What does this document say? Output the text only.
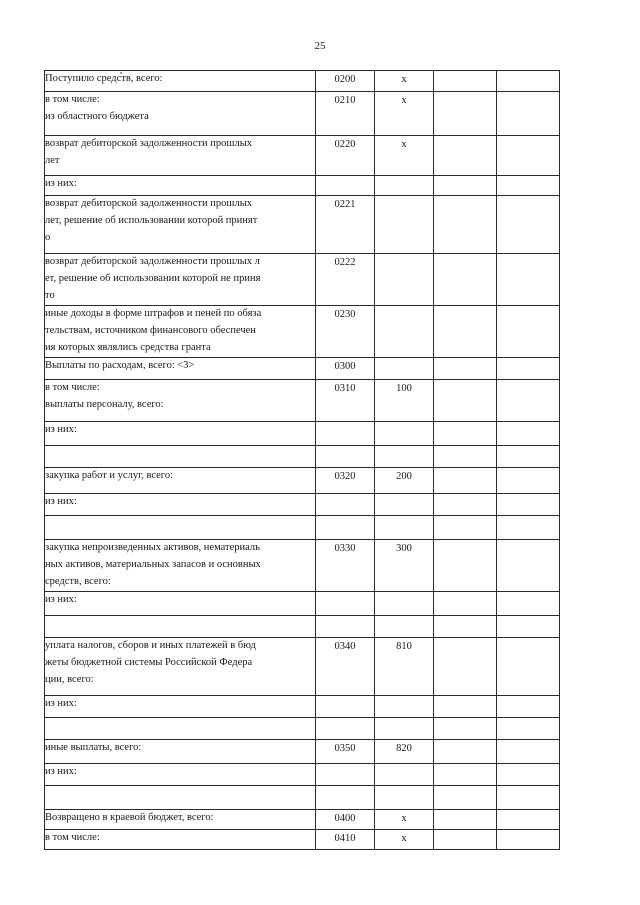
25
Поступило средств, всего:	0200	x		

в том числе:
из областного бюджета	0210	x		

возврат дебиторской задолженности прошлых
лет	0220	x		

из них:				

возврат дебиторской задолженности прошлых
лет, решение об использовании которой принят
о	0221			

возврат дебиторской задолженности прошлых л
ет, решение об использовании которой не приня
то	0222			

иные доходы в форме штрафов и пеней по обяза
тельствам, источником финансового обеспечен
ия которых являлись средства гранта	0230			

Выплаты по расходам, всего: <3>	0300			

в том числе:
выплаты персоналу, всего:	0310	100		

из них:				

закупка работ и услуг, всего:	0320	200		

из них:				

закупка непроизведенных активов, нематериаль
ных активов, материальных запасов и основных
средств, всего:	0330	300		

из них:				

уплата налогов, сборов и иных платежей в бюд
жеты бюджетной системы Российской Федера
ции, всего:	0340	810		

из них:				

иные выплаты, всего:	0350	820		

из них:				

Возвращено в краевой бюджет, всего:	0400	x		

в том числе:	0410	x		
